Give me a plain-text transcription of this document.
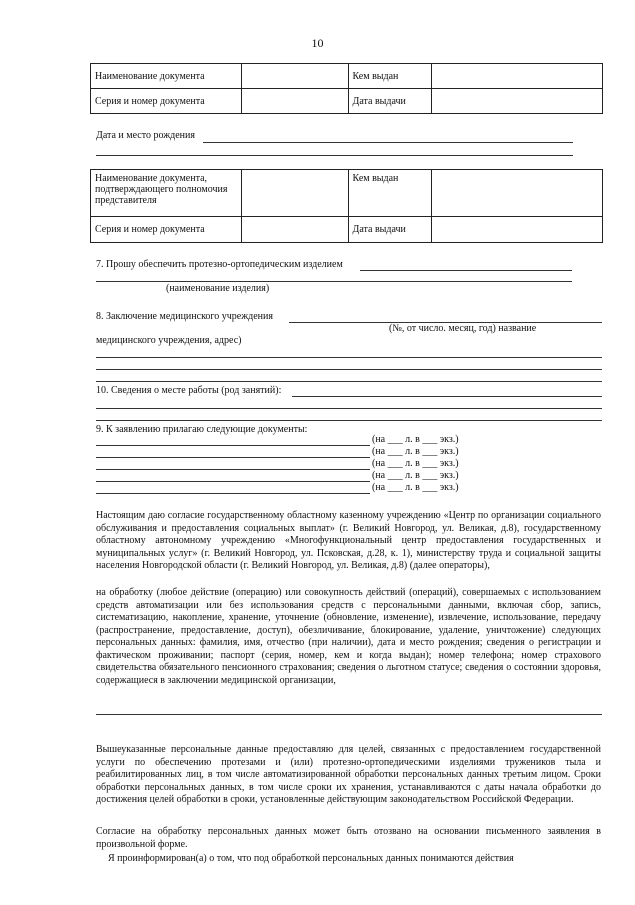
10
Наименование документа		Кем выдан	
Серия и номер документа		Дата выдачи	
Дата и место рождения
Наименование документа, подтверждающего полномочия представителя		Кем выдан	
Серия и номер документа		Дата выдачи	
7. Прошу обеспечить протезно-ортопедическим изделием
(наименование изделия)
8. Заключение медицинского учреждения
(№, от число. месяц, год) название
медицинского учреждения, адрес)
10. Сведения о месте работы (род занятий):
9. К заявлению прилагаю следующие документы:
(на ___ л. в ___ экз.)
(на ___ л. в ___ экз.)
(на ___ л. в ___ экз.)
(на ___ л. в ___ экз.)
(на ___ л. в ___ экз.)

Настоящим даю согласие государственному областному казенному учреждению «Центр по организации социального обслуживания и предоставления социальных выплат» (г. Великий Новгород, ул. Великая, д.8), государственному областному автономному учреждению «Многофункциональный центр предоставления государственных и муниципальных услуг» (г. Великий Новгород, ул. Псковская, д.28, к. 1), министерству труда и социальной защиты населения Новгородской области (г. Великий Новгород, ул. Великая, д.8) (далее операторы),

на обработку (любое действие (операцию) или совокупность действий (операций), совершаемых с использованием средств автоматизации или без использования средств с персональными данными, включая сбор, запись, систематизацию, накопление, хранение, уточнение (обновление, изменение), извлечение, использование, передачу (распространение, предоставление, доступ), обезличивание, блокирование, удаление, уничтожение) следующих персональных данных: фамилия, имя, отчество (при наличии), дата и место рождения; сведения о регистрации и фактическом проживании; паспорт (серия, номер, кем и когда выдан); номер телефона; номер страхового свидетельства обязательного пенсионного страхования; сведения о льготном статусе; сведения о состоянии здоровья, содержащиеся в заключении медицинской организации,

Вышеуказанные персональные данные предоставляю для целей, связанных с предоставлением государственной услуги по обеспечению протезами и (или) протезно-ортопедическими изделиями тружеников тыла и реабилитированных лиц, в том числе автоматизированной обработки персональных данных третьим лицом. Сроки обработки персональных данных, в том числе сроки их хранения, устанавливаются с даты начала обработки до достижения целей обработки в сроки, установленные действующим законодательством Российской Федерации.

Согласие на обработку персональных данных может быть отозвано на основании письменного заявления в произвольной форме.

Я проинформирован(а) о том, что под обработкой персональных данных понимаются действия
